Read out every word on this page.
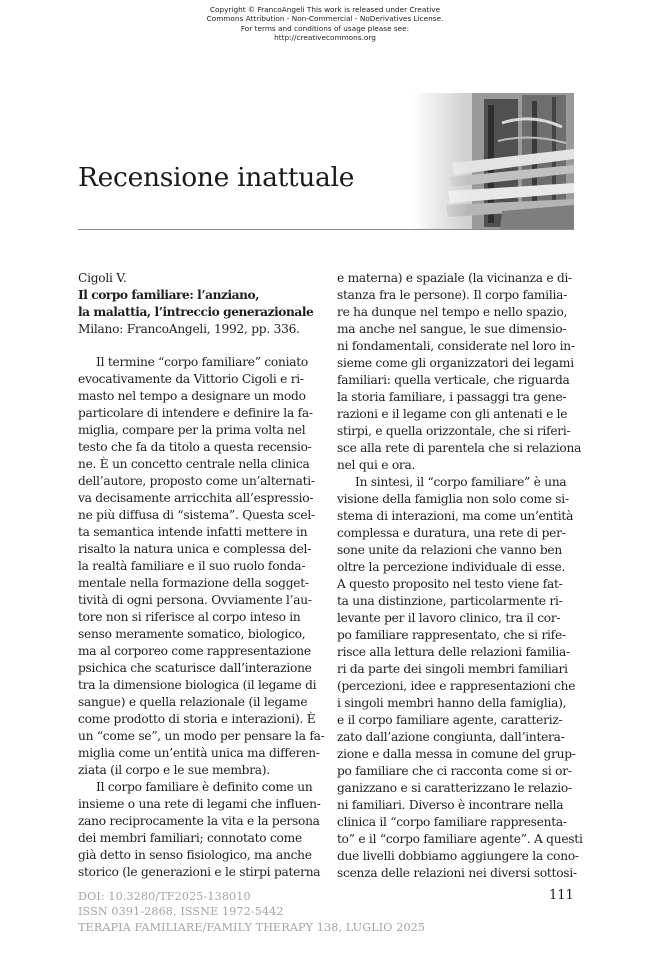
Copyright © FrancoAngeli This work is released under Creative
Commons Attribution - Non-Commercial - NoDerivatives License.
For terms and conditions of usage please see:
http://creativecommons.org
Recensione inattuale
Cigoli V.
Il corpo familiare: l’anziano,
la malattia, l’intreccio generazionale
Milano: FrancoAngeli, 1992, pp. 336.
Il termine “corpo familiare” coniato
evocativamente da Vittorio Cigoli e ri-
masto nel tempo a designare un modo
particolare di intendere e definire la fa-
miglia, compare per la prima volta nel
testo che fa da titolo a questa recensio-
ne. È un concetto centrale nella clinica
dell’autore, proposto come un’alternati-
va decisamente arricchita all’espressio-
ne più diffusa di “sistema”. Questa scel-
ta semantica intende infatti mettere in
risalto la natura unica e complessa del-
la realtà familiare e il suo ruolo fonda-
mentale nella formazione della sogget-
tività di ogni persona. Ovviamente l’au-
tore non si riferisce al corpo inteso in
senso meramente somatico, biologico,
ma al corporeo come rappresentazione
psichica che scaturisce dall’interazione
tra la dimensione biologica (il legame di
sangue) e quella relazionale (il legame
come prodotto di storia e interazioni). È
un “come se”, un modo per pensare la fa-
miglia come un’entità unica ma differen-
ziata (il corpo e le sue membra).
Il corpo familiare è definito come un
insieme o una rete di legami che influen-
zano reciprocamente la vita e la persona
dei membri familiari; connotato come
già detto in senso fisiologico, ma anche
storico (le generazioni e le stirpi paterna
e materna) e spaziale (la vicinanza e di-
stanza fra le persone). Il corpo familia-
re ha dunque nel tempo e nello spazio,
ma anche nel sangue, le sue dimensio-
ni fondamentali, considerate nel loro in-
sieme come gli organizzatori dei legami
familiari: quella verticale, che riguarda
la storia familiare, i passaggi tra gene-
razioni e il legame con gli antenati e le
stirpi, e quella orizzontale, che si riferi-
sce alla rete di parentela che si relaziona
nel qui e ora.
In sintesi, il “corpo familiare” è una
visione della famiglia non solo come si-
stema di interazioni, ma come un’entità
complessa e duratura, una rete di per-
sone unite da relazioni che vanno ben
oltre la percezione individuale di esse.
A questo proposito nel testo viene fat-
ta una distinzione, particolarmente ri-
levante per il lavoro clinico, tra il cor-
po familiare rappresentato, che si rife-
risce alla lettura delle relazioni familia-
ri da parte dei singoli membri familiari
(percezioni, idee e rappresentazioni che
i singoli membri hanno della famiglia),
e il corpo familiare agente, caratteriz-
zato dall’azione congiunta, dall’intera-
zione e dalla messa in comune del grup-
po familiare che ci racconta come si or-
ganizzano e si caratterizzano le relazio-
ni familiari. Diverso è incontrare nella
clinica il “corpo familiare rappresenta-
to” e il “corpo familiare agente”. A questi
due livelli dobbiamo aggiungere la cono-
scenza delle relazioni nei diversi sottosi-
DOI: 10.3280/TF2025-138010
ISSN 0391-2868, ISSNE 1972-5442
TERAPIA FAMILIARE/FAMILY THERAPY 138, LUGLIO 2025
111
